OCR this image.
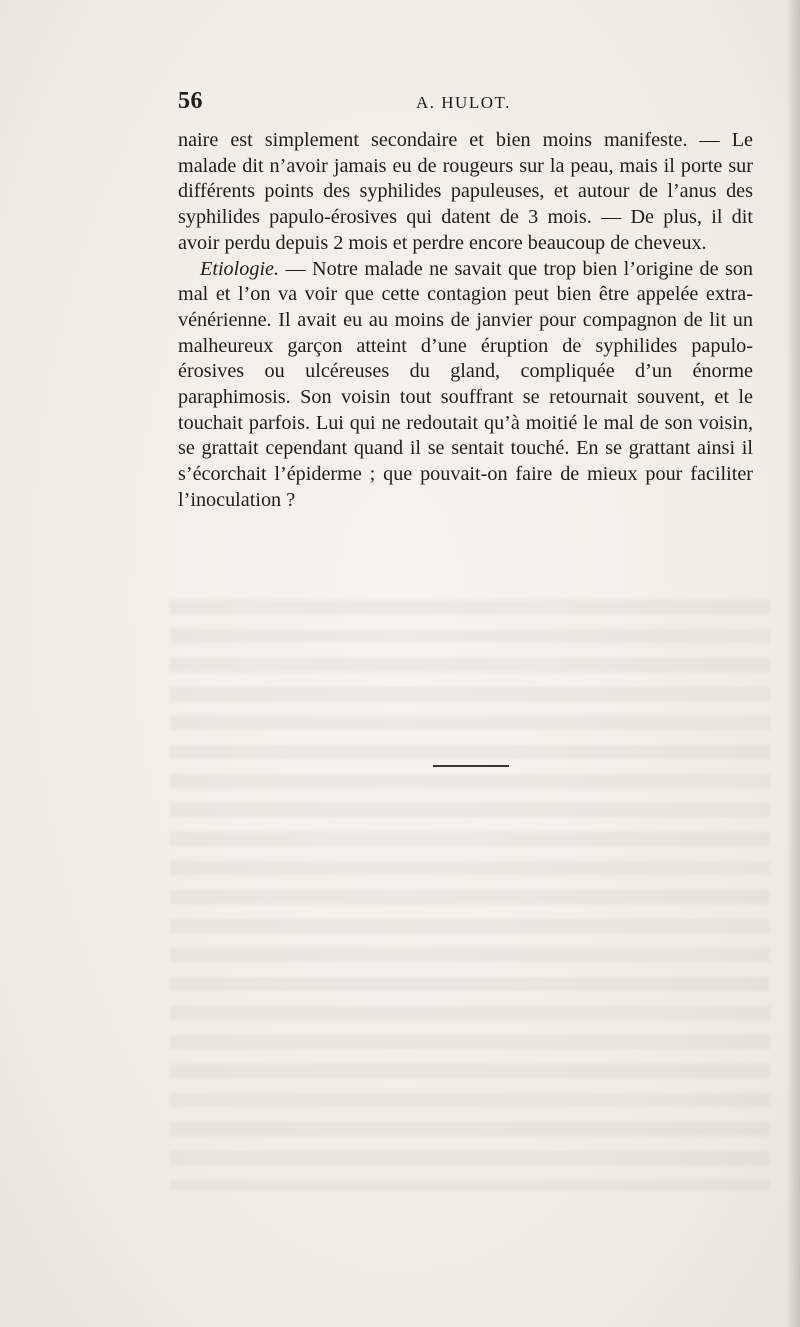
56	A. HULOT.

naire est simplement secondaire et bien moins manifeste. — Le malade dit n’avoir jamais eu de rougeurs sur la peau, mais il porte sur différents points des syphilides papuleuses, et autour de l’anus des syphilides papulo-érosives qui datent de 3 mois. — De plus, il dit avoir perdu depuis 2 mois et perdre encore beaucoup de cheveux.

Etiologie. — Notre malade ne savait que trop bien l’origine de son mal et l’on va voir que cette contagion peut bien être appelée extra-vénérienne. Il avait eu au moins de janvier pour compagnon de lit un malheureux garçon atteint d’une éruption de syphilides papulo-érosives ou ulcéreuses du gland, compliquée d’un énorme paraphimosis. Son voisin tout souffrant se retournait souvent, et le touchait parfois. Lui qui ne redoutait qu’à moitié le mal de son voisin, se grattait cependant quand il se sentait touché. En se grattant ainsi il s’écorchait l’épiderme ; que pouvait-on faire de mieux pour faciliter l’inoculation ?
